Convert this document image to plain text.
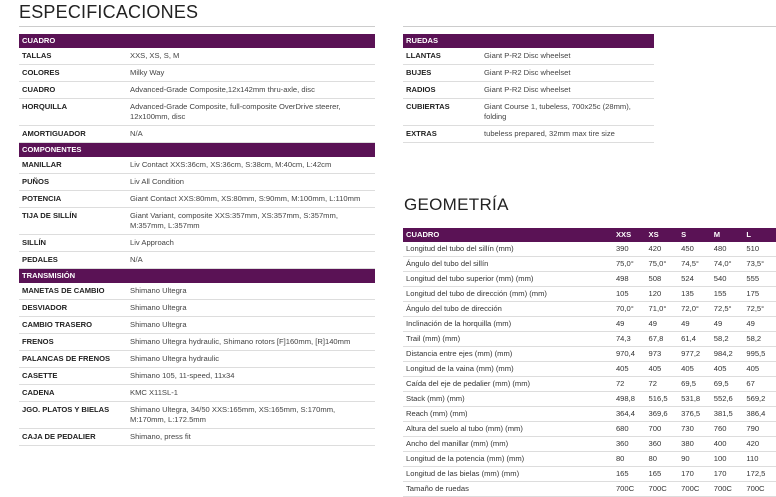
ESPECIFICACIONES
CUADRO	
TALLAS	XXS, XS, S, M
COLORES	Milky Way
CUADRO	Advanced-Grade Composite,12x142mm thru-axle, disc
HORQUILLA	Advanced-Grade Composite, full-composite OverDrive steerer, 12x100mm, disc
AMORTIGUADOR	N/A
COMPONENTES	
MANILLAR	Liv Contact XXS:36cm, XS:36cm, S:38cm, M:40cm, L:42cm
PUÑOS	Liv All Condition
POTENCIA	Giant Contact XXS:80mm, XS:80mm, S:90mm, M:100mm, L:110mm
TIJA DE SILLÍN	Giant Variant, composite XXS:357mm, XS:357mm, S:357mm, M:357mm, L:357mm
SILLÍN	Liv Approach
PEDALES	N/A
TRANSMISIÓN	
MANETAS DE CAMBIO	Shimano Ultegra
DESVIADOR	Shimano Ultegra
CAMBIO TRASERO	Shimano Ultegra
FRENOS	Shimano Ultegra hydraulic, Shimano rotors [F]160mm, [R]140mm
PALANCAS DE FRENOS	Shimano Ultegra hydraulic
CASETTE	Shimano 105, 11-speed, 11x34
CADENA	KMC X11SL-1
JGO. PLATOS Y BIELAS	Shimano Ultegra, 34/50 XXS:165mm, XS:165mm, S:170mm, M:170mm, L:172.5mm
CAJA DE PEDALIER	Shimano, press fit
RUEDAS	
LLANTAS	Giant P-R2 Disc wheelset
BUJES	Giant P-R2 Disc wheelset
RADIOS	Giant P-R2 Disc wheelset
CUBIERTAS	Giant Course 1, tubeless, 700x25c (28mm), folding
EXTRAS	tubeless prepared, 32mm max tire size
GEOMETRÍA
CUADRO	XXS	XS	S	M	L
Longitud del tubo del sillín (mm)	390	420	450	480	510
Ángulo del tubo del sillín	75,0°	75,0°	74,5°	74,0°	73,5°
Longitud del tubo superior (mm) (mm)	498	508	524	540	555
Longitud del tubo de dirección (mm) (mm)	105	120	135	155	175
Ángulo del tubo de dirección	70,0°	71,0°	72,0°	72,5°	72,5°
Inclinación de la horquilla (mm)	49	49	49	49	49
Trail (mm) (mm)	74,3	67,8	61,4	58,2	58,2
Distancia entre ejes (mm) (mm)	970,4	973	977,2	984,2	995,5
Longitud de la vaina (mm) (mm)	405	405	405	405	405
Caída del eje de pedalier (mm) (mm)	72	72	69,5	69,5	67
Stack (mm) (mm)	498,8	516,5	531,8	552,6	569,2
Reach (mm) (mm)	364,4	369,6	376,5	381,5	386,4
Altura del suelo al tubo (mm) (mm)	680	700	730	760	790
Ancho del manillar (mm) (mm)	360	360	380	400	420
Longitud de la potencia (mm) (mm)	80	80	90	100	110
Longitud de las bielas (mm) (mm)	165	165	170	170	172,5
Tamaño de ruedas	700C	700C	700C	700C	700C
